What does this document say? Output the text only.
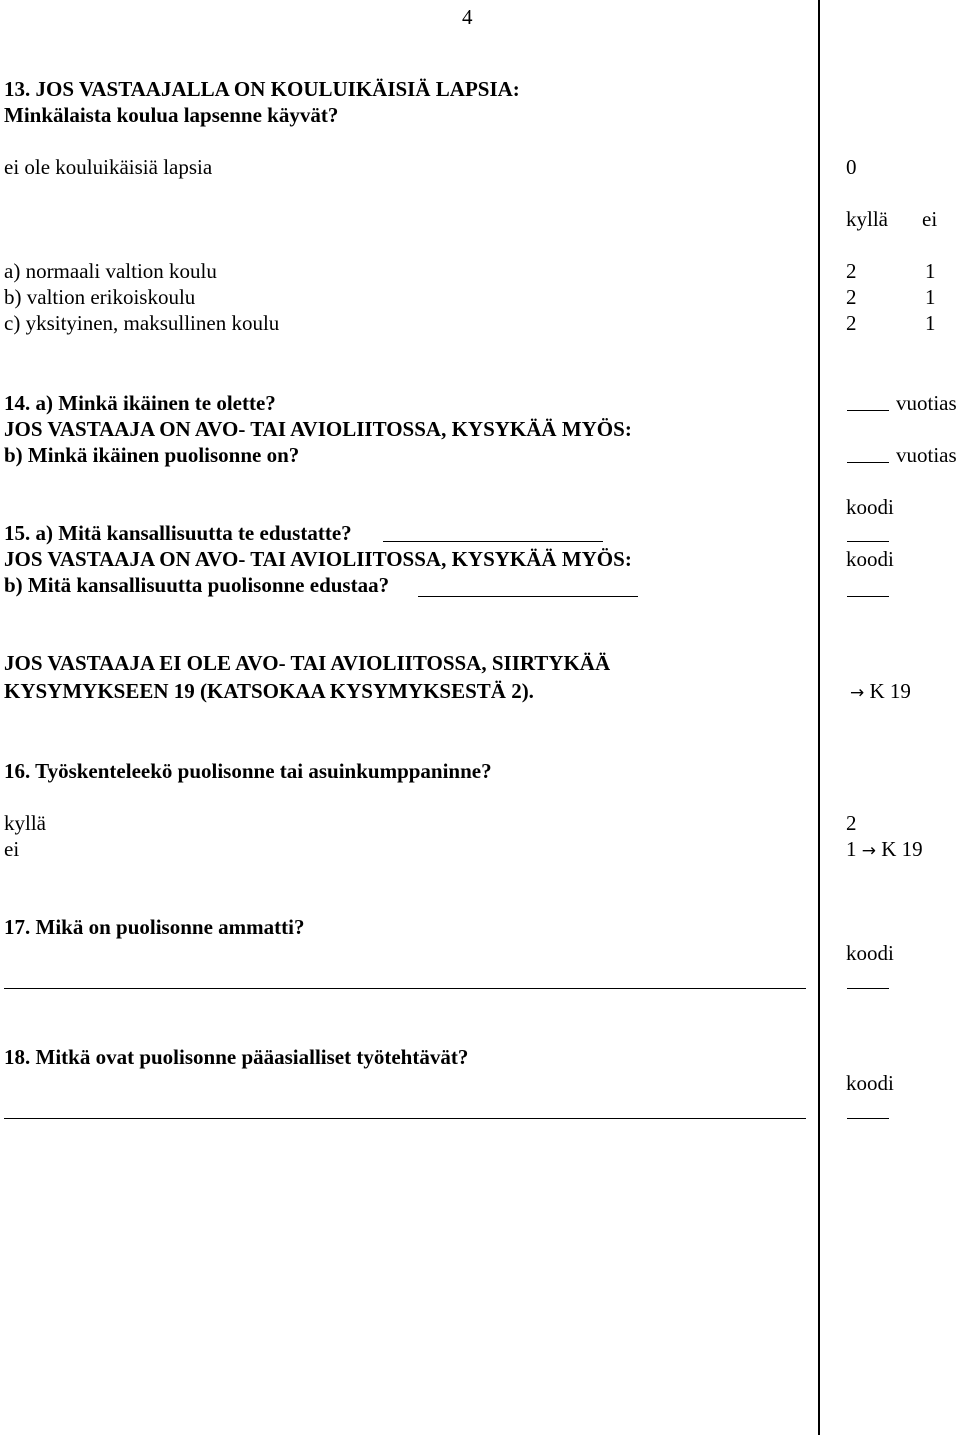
4
13. JOS VASTAAJALLA ON KOULUIKÄISIÄ LAPSIA:
Minkälaista koulua lapsenne käyvät?
ei ole kouluikäisiä lapsia	0
kyllä ei
a) normaali valtion koulu	2	1
b) valtion erikoiskoulu	2	1
c) yksityinen, maksullinen koulu	2	1
14. a) Minkä ikäinen te olette?	vuotias
JOS VASTAAJA ON AVO- TAI AVIOLIITOSSA, KYSYKÄÄ MYÖS:
b) Minkä ikäinen puolisonne on?	vuotias
koodi
15. a) Mitä kansallisuutta te edustatte?
JOS VASTAAJA ON AVO- TAI AVIOLIITOSSA, KYSYKÄÄ MYÖS:	koodi
b) Mitä kansallisuutta puolisonne edustaa?
JOS VASTAAJA EI OLE AVO- TAI AVIOLIITOSSA, SIIRTYKÄÄ
KYSYMYKSEEN 19 (KATSOKAA KYSYMYKSESTÄ 2).	→ K 19
16. Työskenteleekö puolisonne tai asuinkumppaninne?
kyllä	2
ei	1 → K 19
17. Mikä on puolisonne ammatti?
koodi
18. Mitkä ovat puolisonne pääasialliset työtehtävät?
koodi
